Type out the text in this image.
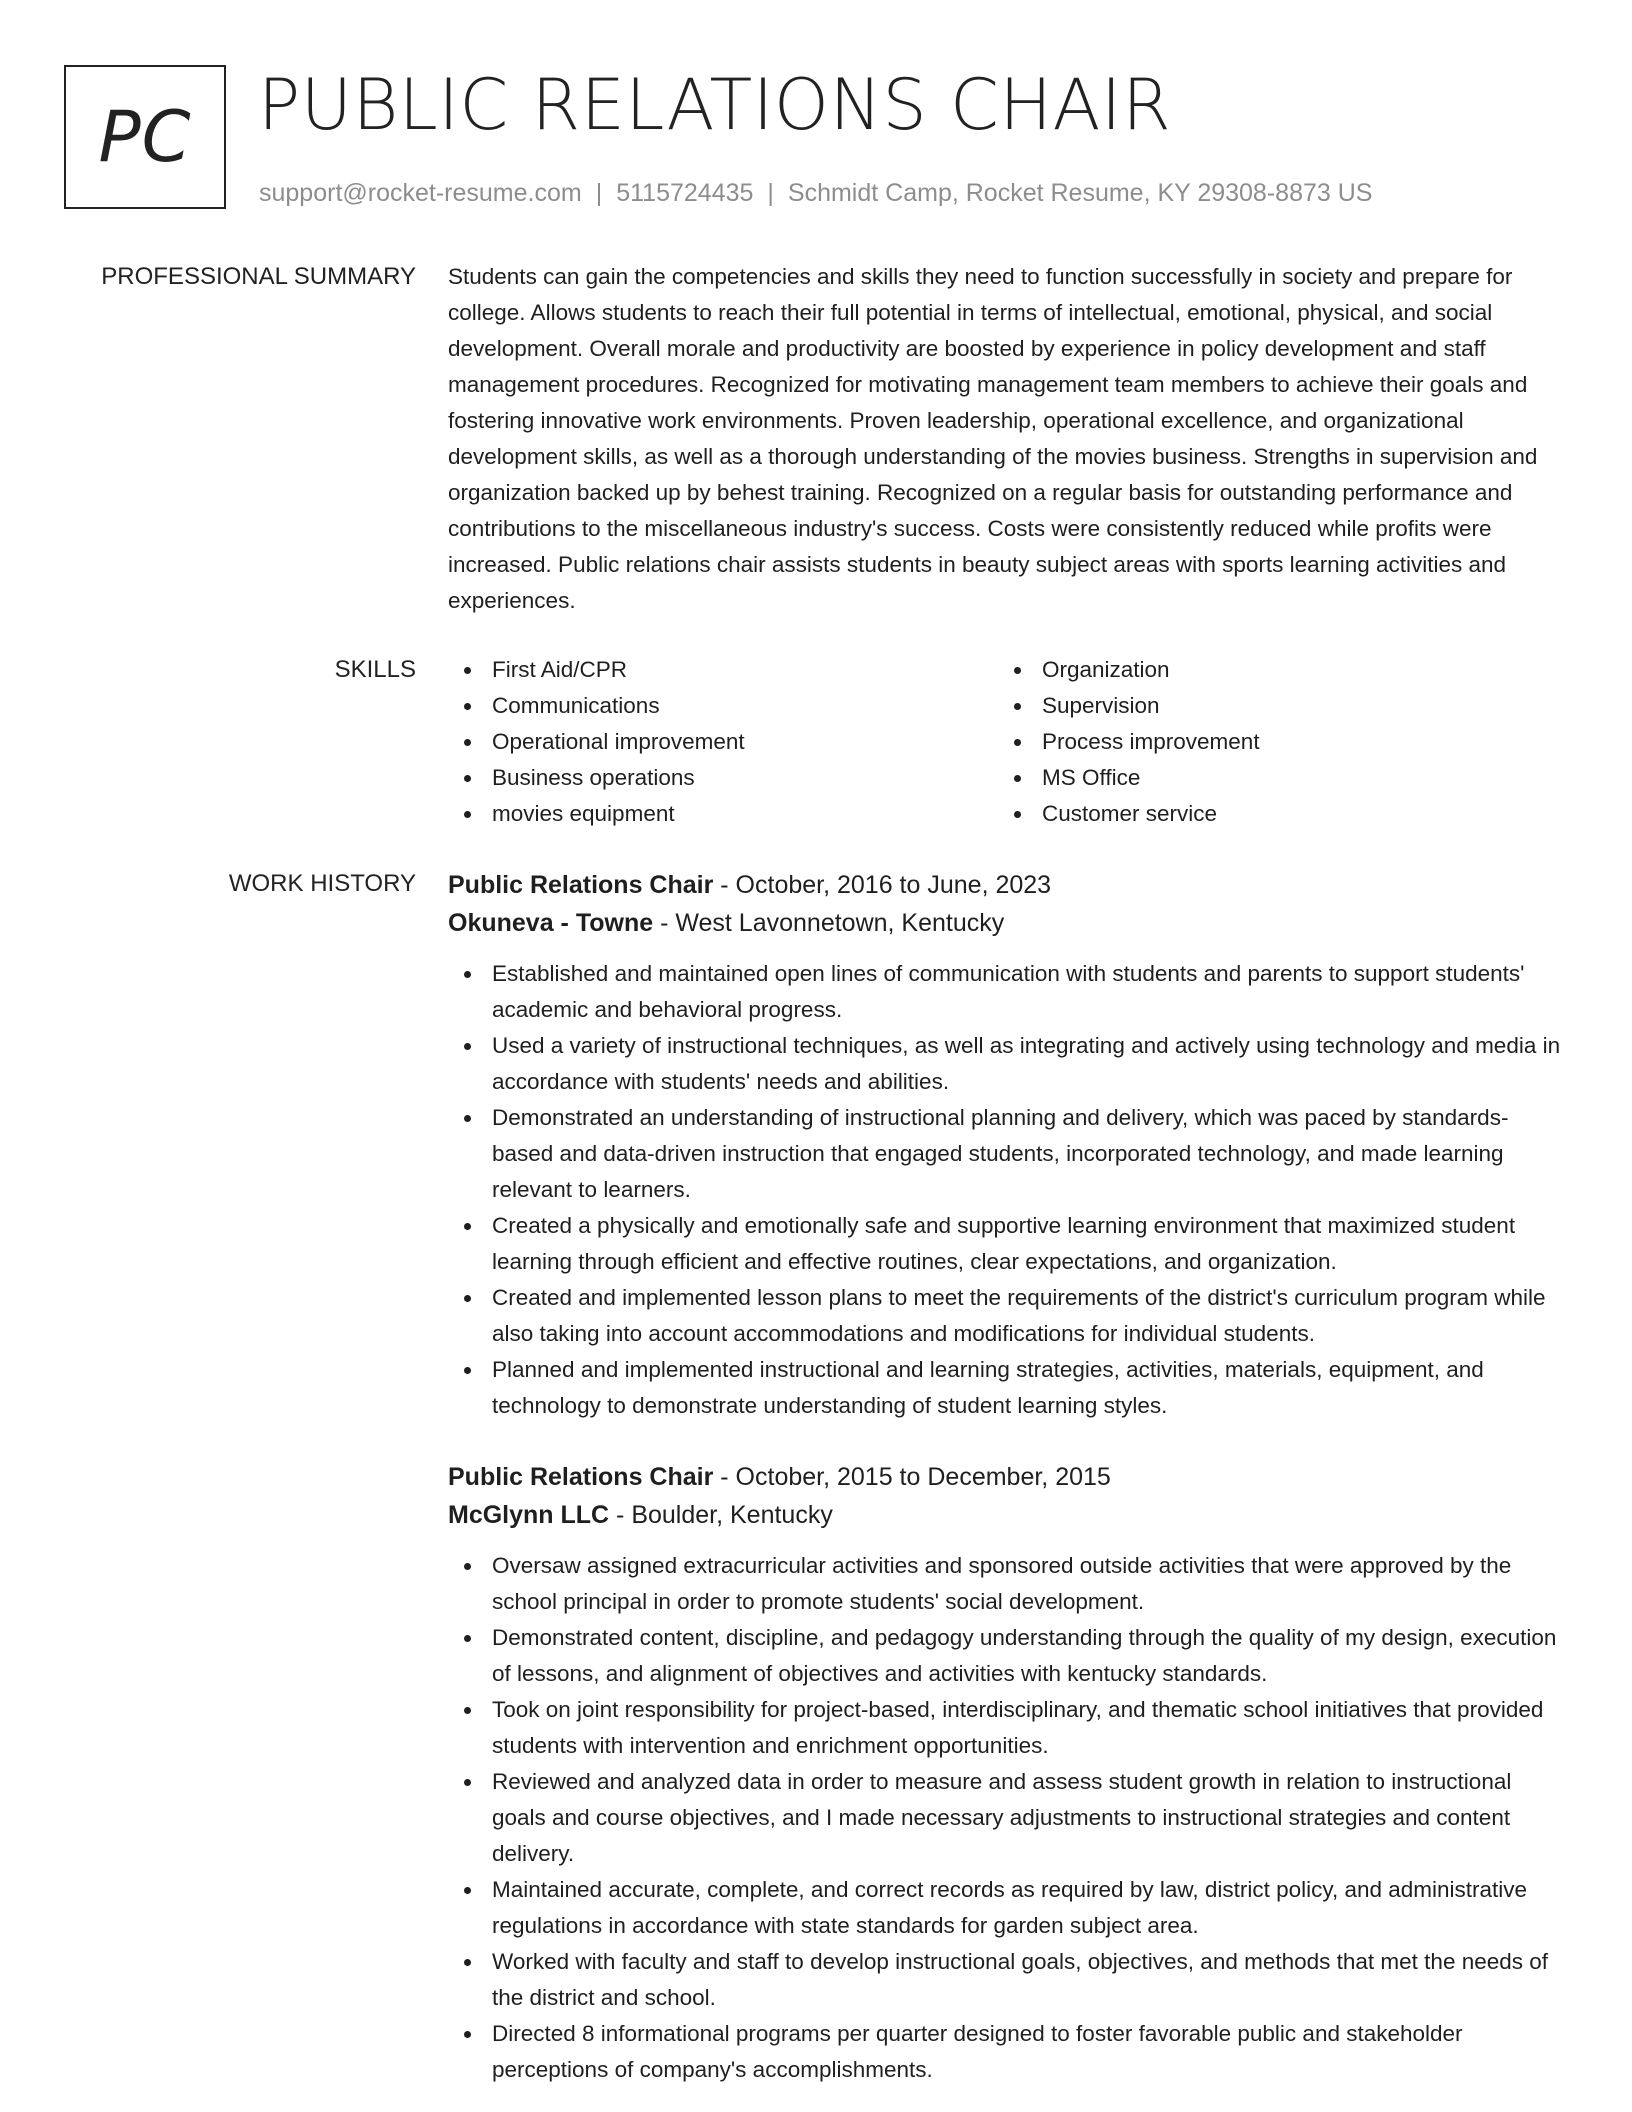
PC PUBLIC RELATIONS CHAIR
support@rocket-resume.com | 5115724435 | Schmidt Camp, Rocket Resume, KY 29308-8873 US
PROFESSIONAL SUMMARY Students can gain the competencies and skills they need to function successfully in society and prepare for college. Allows students to reach their full potential in terms of intellectual, emotional, physical, and social development. Overall morale and productivity are boosted by experience in policy development and staff management procedures. Recognized for motivating management team members to achieve their goals and fostering innovative work environments. Proven leadership, operational excellence, and organizational development skills, as well as a thorough understanding of the movies business. Strengths in supervision and organization backed up by behest training. Recognized on a regular basis for outstanding performance and contributions to the miscellaneous industry's success. Costs were consistently reduced while profits were increased. Public relations chair assists students in beauty subject areas with sports learning activities and experiences.
SKILLS	First Aid/CPR
Communications
Operational improvement
Business operations
movies equipment
Organization
Supervision
Process improvement
MS Office
Customer service
WORK HISTORY Public Relations Chair - October, 2016 to June, 2023
Okuneva - Towne - West Lavonnetown, Kentucky
Established and maintained open lines of communication with students and parents to support students' academic and behavioral progress.
Used a variety of instructional techniques, as well as integrating and actively using technology and media in accordance with students' needs and abilities.
Demonstrated an understanding of instructional planning and delivery, which was paced by standards-based and data-driven instruction that engaged students, incorporated technology, and made learning relevant to learners.
Created a physically and emotionally safe and supportive learning environment that maximized student learning through efficient and effective routines, clear expectations, and organization.
Created and implemented lesson plans to meet the requirements of the district's curriculum program while also taking into account accommodations and modifications for individual students.
Planned and implemented instructional and learning strategies, activities, materials, equipment, and technology to demonstrate understanding of student learning styles.
Public Relations Chair - October, 2015 to December, 2015
McGlynn LLC - Boulder, Kentucky
Oversaw assigned extracurricular activities and sponsored outside activities that were approved by the school principal in order to promote students' social development.
Demonstrated content, discipline, and pedagogy understanding through the quality of my design, execution of lessons, and alignment of objectives and activities with kentucky standards.
Took on joint responsibility for project-based, interdisciplinary, and thematic school initiatives that provided students with intervention and enrichment opportunities.
Reviewed and analyzed data in order to measure and assess student growth in relation to instructional goals and course objectives, and I made necessary adjustments to instructional strategies and content delivery.
Maintained accurate, complete, and correct records as required by law, district policy, and administrative regulations in accordance with state standards for garden subject area.
Worked with faculty and staff to develop instructional goals, objectives, and methods that met the needs of the district and school.
Directed 8 informational programs per quarter designed to foster favorable public and stakeholder perceptions of company's accomplishments.
